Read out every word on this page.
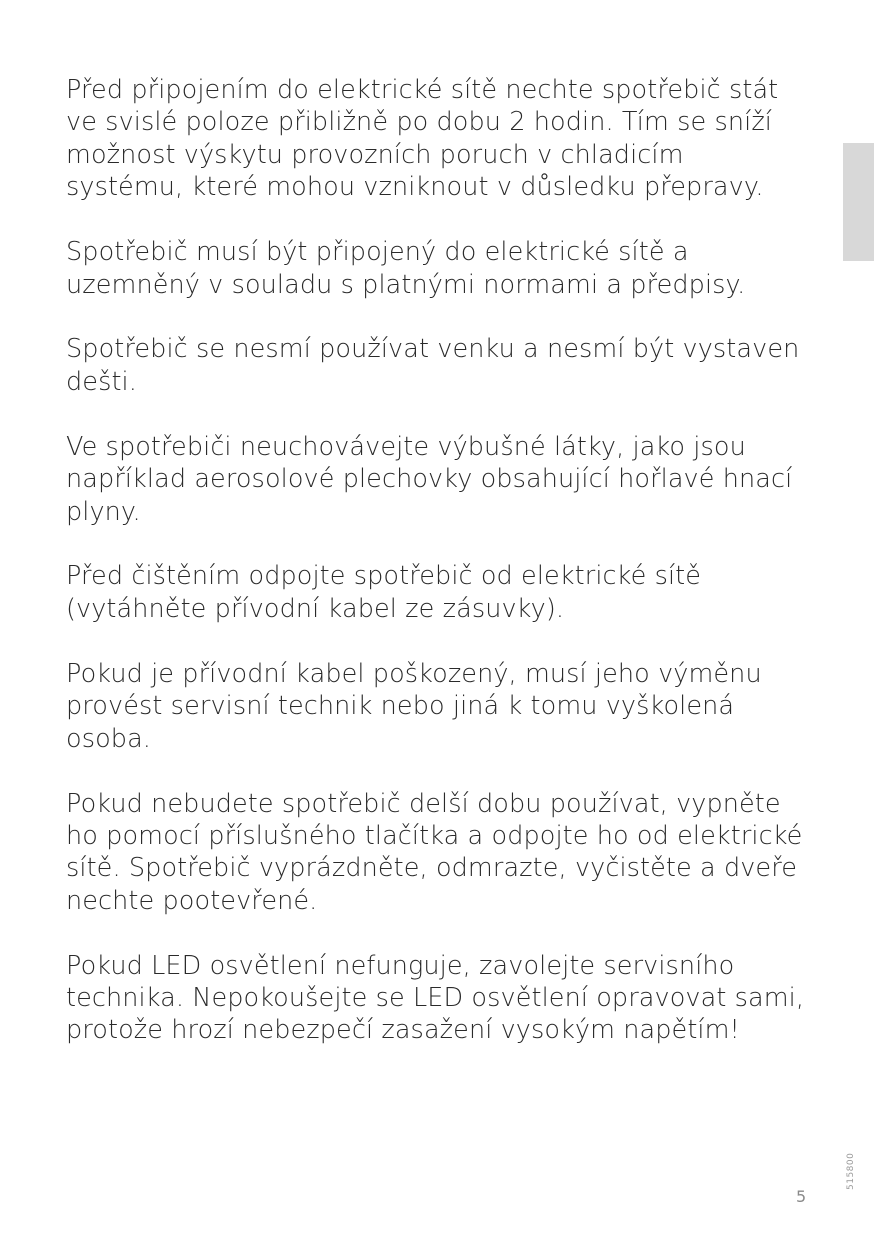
Před připojením do elektrické sítě nechte spotřebič stát ve svislé poloze přibližně po dobu 2 hodin. Tím se sníží možnost výskytu provozních poruch v chladicím systému, které mohou vzniknout v důsledku přepravy.

Spotřebič musí být připojený do elektrické sítě a uzemněný v souladu s platnými normami a předpisy.

Spotřebič se nesmí používat venku a nesmí být vystaven dešti.

Ve spotřebiči neuchovávejte výbušné látky, jako jsou například aerosolové plechovky obsahující hořlavé hnací plyny.

Před čištěním odpojte spotřebič od elektrické sítě (vytáhněte přívodní kabel ze zásuvky).

Pokud je přívodní kabel poškozený, musí jeho výměnu provést servisní technik nebo jiná k tomu vyškolená osoba.

Pokud nebudete spotřebič delší dobu používat, vypněte ho pomocí příslušného tlačítka a odpojte ho od elektrické sítě. Spotřebič vyprázdněte, odmrazte, vyčistěte a dveře nechte pootevřené.

Pokud LED osvětlení nefunguje, zavolejte servisního technika. Nepokoušejte se LED osvětlení opravovat sami, protože hrozí nebezpečí zasažení vysokým napětím!

515800
5
